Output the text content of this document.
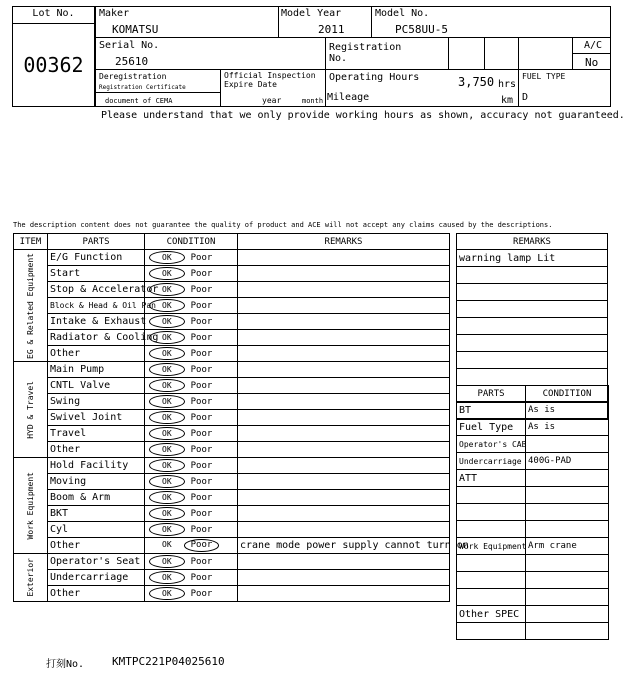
Lot No.
00362
Maker
KOMATSU
Model Year
2011
Model No.
PC58UU-5
Serial No.
25610
Registration No.
A/C
No
Deregistration
Registration Certificate
document of CEMA
Official Inspection Expire Date
year	month
Operating Hours	3,750 hrs
Mileage	km
FUEL TYPE
D
Please understand that we only provide working hours as shown, accuracy not guaranteed.
The description content does not guarantee the quality of product and ACE will not accept any claims caused by the descriptions.
ITEM	PARTS	CONDITION	REMARKS

EG & Related Equipment	E/G Function	OK Poor	
	Start	OK Poor	
	Stop & Accelerator	OK Poor	
	Block & Head & Oil Pan	OK Poor	
	Intake & Exhaust	OK Poor	
	Radiator & Cooling	OK Poor	
	Other	OK Poor	

HYD & Travel	Main Pump	OK Poor	
	CNTL Valve	OK Poor	
	Swing	OK Poor	
	Swivel Joint	OK Poor	
	Travel	OK Poor	
	Other	OK Poor	

Work Equipment	Hold Facility	OK Poor	
	Moving	OK Poor	
	Boom & Arm	OK Poor	
	BKT	OK Poor	
	Cyl	OK Poor	
	Other	OK Poor	crane mode power supply cannot turn on

Exterior	Operator's Seat	OK Poor	
	Undercarriage	OK Poor	
	Other	OK Poor	
REMARKS
warning lamp Lit

PARTS	CONDITION
BT	As is
Fuel Type	As is
Operator's CAB	
Undercarriage	400G-PAD
ATT	

Work Equipment	Arm crane

Other SPEC	

打刻No.	KMTPC221P04025610
